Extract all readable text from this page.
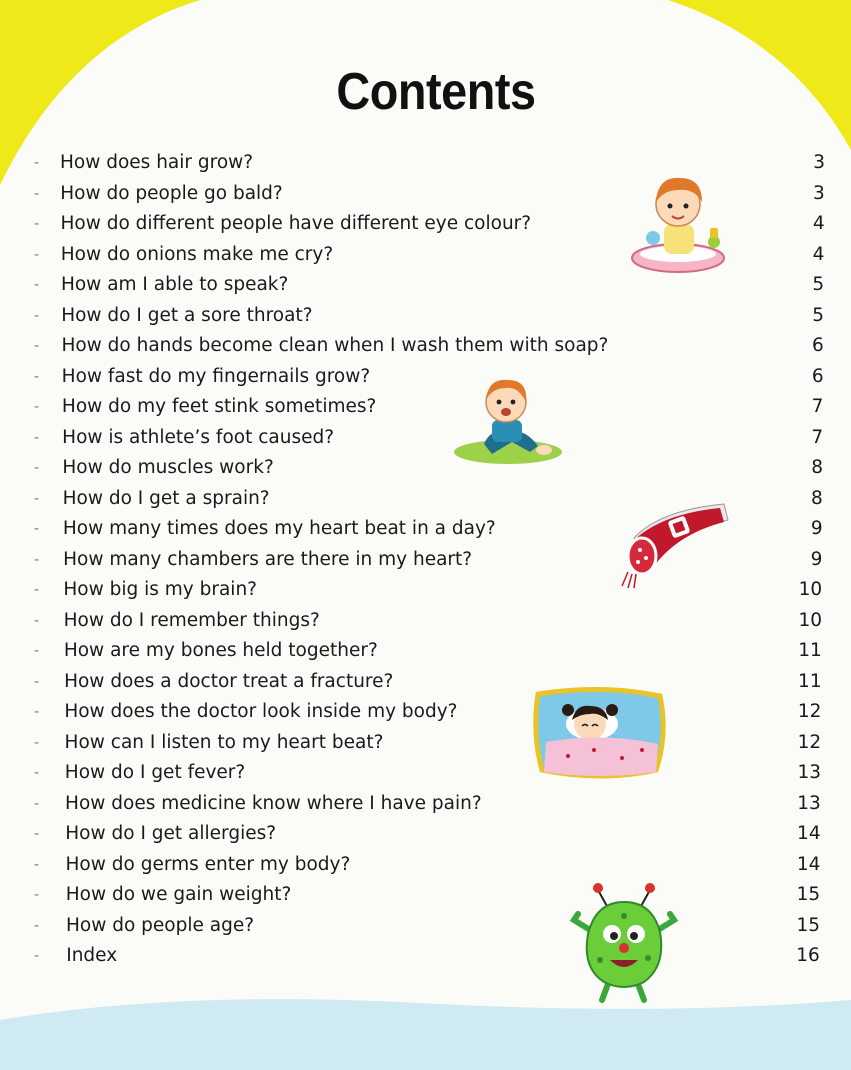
Contents
- How does hair grow?	3
- How do people go bald?	3
- How do different people have different eye colour?	4
- How do onions make me cry?	4
- How am I able to speak?	5
- How do I get a sore throat?	5
- How do hands become clean when I wash them with soap?	6
- How fast do my fingernails grow?	6
- How do my feet stink sometimes?	7
- How is athlete’s foot caused?	7
- How do muscles work?	8
- How do I get a sprain?	8
- How many times does my heart beat in a day?	9
- How many chambers are there in my heart?	9
- How big is my brain?	10
- How do I remember things?	10
- How are my bones held together?	11
- How does a doctor treat a fracture?	11
- How does the doctor look inside my body?	12
- How can I listen to my heart beat?	12
- How do I get fever?	13
- How does medicine know where I have pain?	13
- How do I get allergies?	14
- How do germs enter my body?	14
- How do we gain weight?	15
- How do people age?	15
- Index	16
